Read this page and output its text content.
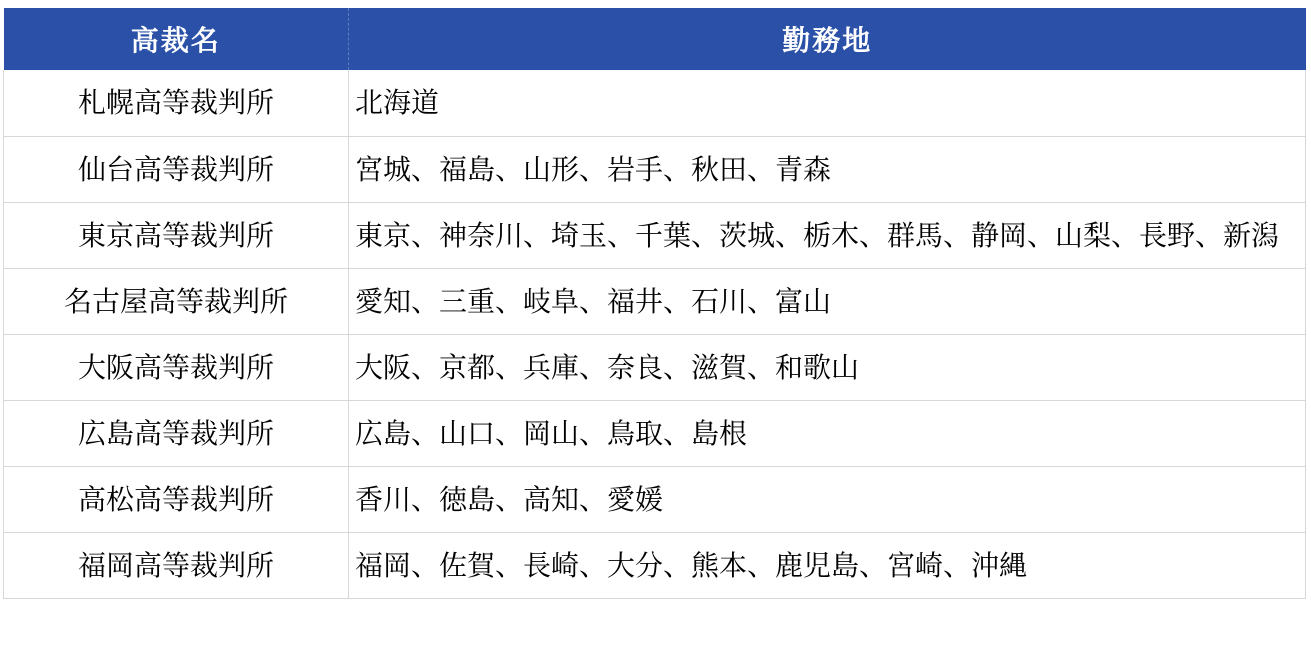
高裁名	勤務地
札幌高等裁判所	北海道
仙台高等裁判所	宮城、福島、山形、岩手、秋田、青森
東京高等裁判所	東京、神奈川、埼玉、千葉、茨城、栃木、群馬、静岡、山梨、長野、新潟
名古屋高等裁判所	愛知、三重、岐阜、福井、石川、富山
大阪高等裁判所	大阪、京都、兵庫、奈良、滋賀、和歌山
広島高等裁判所	広島、山口、岡山、鳥取、島根
高松高等裁判所	香川、徳島、高知、愛媛
福岡高等裁判所	福岡、佐賀、長崎、大分、熊本、鹿児島、宮崎、沖縄
